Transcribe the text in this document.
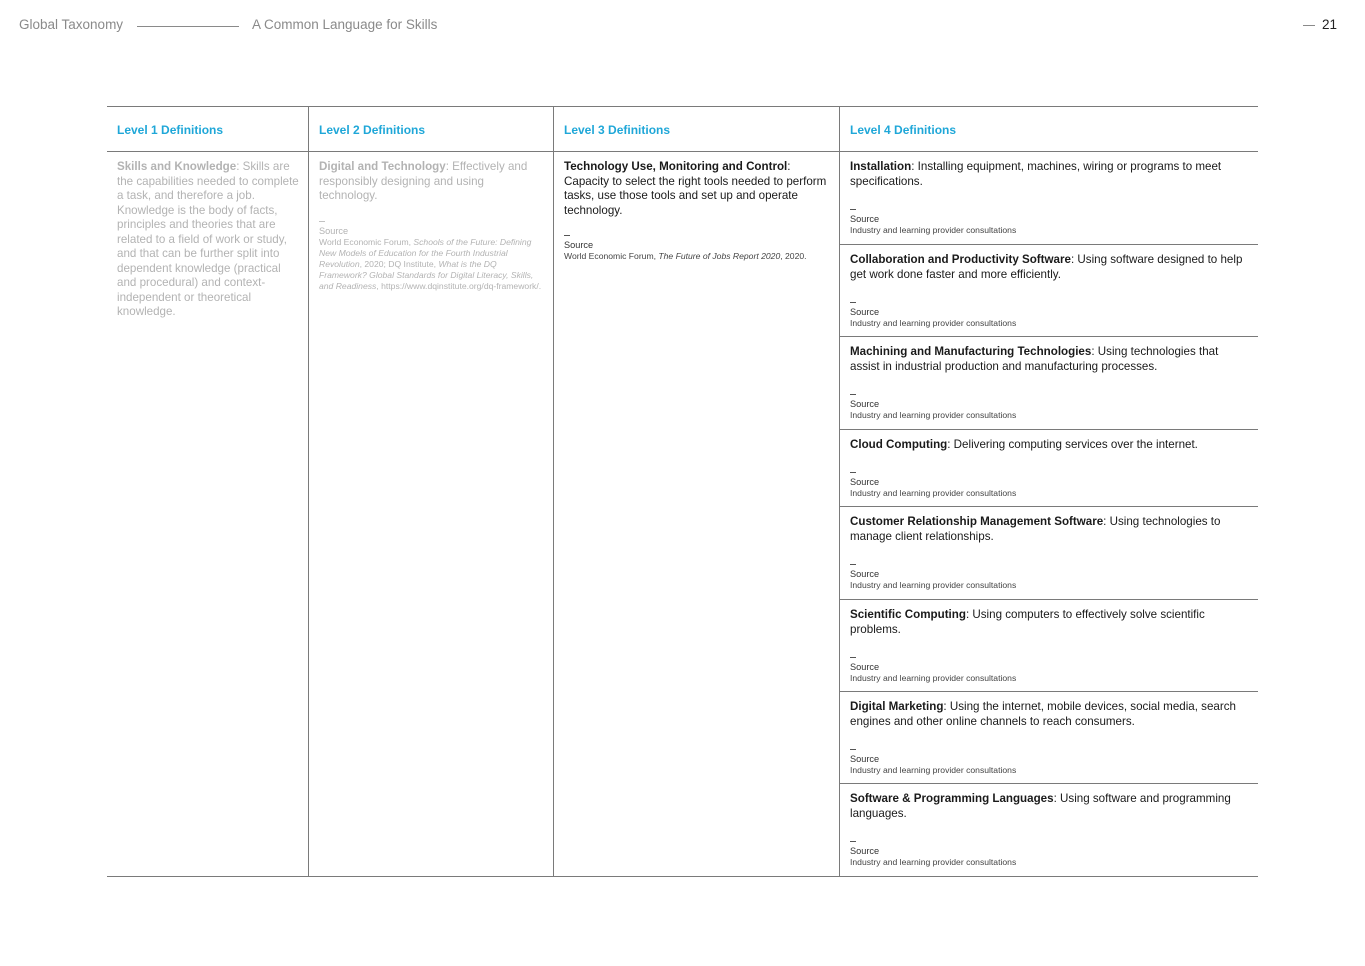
Global Taxonomy	A Common Language for Skills	21
Level 1 Definitions
Skills and Knowledge: Skills are the capabilities needed to complete a task, and therefore a job. Knowledge is the body of facts, principles and theories that are related to a field of work or study, and that can be further split into dependent knowledge (practical and procedural) and context-independent or theoretical knowledge.
Level 2 Definitions
Digital and Technology: Effectively and responsibly designing and using technology.
Source
World Economic Forum, Schools of the Future: Defining New Models of Education for the Fourth Industrial Revolution, 2020; DQ Institute, What is the DQ Framework? Global Standards for Digital Literacy, Skills, and Readiness, https://www.dqinstitute.org/dq-framework/.
Level 3 Definitions
Technology Use, Monitoring and Control: Capacity to select the right tools needed to perform tasks, use those tools and set up and operate technology.
Source
World Economic Forum, The Future of Jobs Report 2020, 2020.
Level 4 Definitions
Installation: Installing equipment, machines, wiring or programs to meet specifications.
Source
Industry and learning provider consultations
Collaboration and Productivity Software: Using software designed to help get work done faster and more efficiently.
Source
Industry and learning provider consultations
Machining and Manufacturing Technologies: Using technologies that assist in industrial production and manufacturing processes.
Source
Industry and learning provider consultations
Cloud Computing: Delivering computing services over the internet.
Source
Industry and learning provider consultations
Customer Relationship Management Software: Using technologies to manage client relationships.
Source
Industry and learning provider consultations
Scientific Computing: Using computers to effectively solve scientific problems.
Source
Industry and learning provider consultations
Digital Marketing: Using the internet, mobile devices, social media, search engines and other online channels to reach consumers.
Source
Industry and learning provider consultations
Software & Programming Languages: Using software and programming languages.
Source
Industry and learning provider consultations
